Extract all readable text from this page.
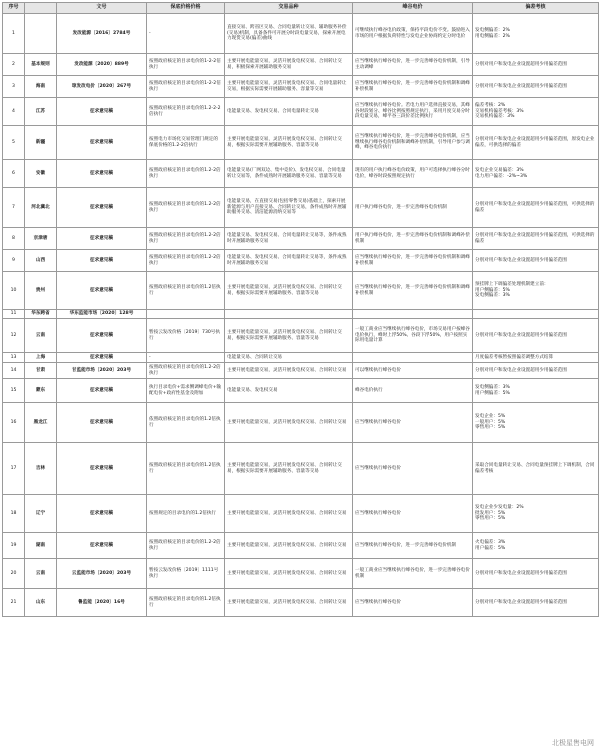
序号		文号	保底价格价格	交易品种	峰谷电价	偏差考核
1		发改能源〔2016〕2784号	-	直接交易、跨省区交易、合同电量转让交易、辅助服务补偿(交易)机制，具备条件可开展分时段电量交易，探索开展电力现货交易(偏差)曲线	可继续执行峰谷电价政策，保持平段电价不变。鼓励进入市场的用户根据负荷特性与发电企业协商约定分时电价	发电侧偏差：2%
用电侧偏差：2%
2	基本规则	发改能源〔2020〕889号	按照政府核定的目录电价的1-2-2倍执行	主要开展电能量交易，灵活开展发电权交易、合同转让交易，积极探索开展辅助服务交易	应当继续执行峰谷电价，进一步完善峰谷电价机制，引导主动调峰	分别对用户和发电企业设置超用少用偏差范围
3	海南	琼发改电价〔2020〕267号	按照政府核定的目录电价的1-2-2倍执行	主要开展电能量交易，灵活开展发电权交易、合同电量转让交易，根据实际需要开展辅助服务、容量等交易	应当继续执行峰谷电价，进一步完善峰谷电价机制和调峰补偿机制	分别对用户和发电企业设置超用少用偏差范围
4	江苏	征求意见稿	按照政府核定的目录电价的1.2-2-2倍执行	电能量交易、发电权交易、合同电量转让交易	应当继续执行峰谷电价。若电力用户选择直接交易，其峰谷时段划分、峰谷比例按照规定执行，采用月度交易分时段电量交易，峰平谷三段价差比例执行	偏差考核：2%
交易机构偏差考核：3%
交易机构偏差：3%
5	新疆	征求意见稿	按照电力市场化交易管理门规定的保底价格的1.2-2倍执行	主要开展电能量交易，灵活开展发电权交易、合同转让交易，根据实际需要开展辅助服务、容量等交易	应当继续执行峰谷电价，进一步完善峰谷电价机制，应当继续执行峰谷电价机制和调峰补偿机制，引导用户参与调峰，峰谷电价执行	分别对用户和发电企业设置超用少用偏差范围，原发电企业偏差，可供选择的偏差
6	安徽	征求意见稿	按照政府核定的目录电价的1.2-2倍执行	电能量交易(厂网双边、集中竞价)、发电权交易、合同电量转让交易等，条件成熟时开展辅助服务交易、容量等交易	现有的用户执行峰谷电价政策，用户可选择执行峰谷分时电价，峰谷时段按照规定执行	发电企业交易偏差：3%
电力用户偏差：-2%~3%
7	河北冀北	征求意见稿	按照政府核定的目录电价的1.2-2倍执行	电能量交易，在直接交易(包括零售交易)基础上，探索开展新能源与用户直接交易、合同转让交易，条件成熟时开展辅助服务交易、清洁能源消纳交易等	用户执行峰谷电价，进一步完善峰谷电价机制	分别对用户和发电企业设置超用少用偏差范围，可供选择的偏差
8	京津唐	征求意见稿	按照政府核定的目录电价的1.2-2倍执行	电能量交易、发电权交易、合同电量转让交易等，条件成熟时开展辅助服务交易	用户执行峰谷电价，进一步完善峰谷电价机制和调峰补偿机制	分别对用户和发电企业设置超用少用偏差范围，可供选择的偏差
9	山西	征求意见稿	按照政府核定的目录电价的1.2-2倍执行	电能量交易、发电权交易、合同电量转让交易等，条件成熟时开展辅助服务交易	应当继续执行峰谷电价，进一步完善峰谷电价机制和调峰补偿机制	分别对用户和发电企业设置超用少用偏差范围
10	贵州	征求意见稿	按照政府核定的目录电价的1.2倍执行	主要开展电能量交易，灵活开展发电权交易、合同转让交易，根据实际需要开展辅助服务、容量等交易	应当继续执行峰谷电价，进一步完善峰谷电价机制和调峰补偿机制	预挂牌上下调偏差处理机制建立前：
用户侧偏差：5%
发电侧偏差：3%
11	华东跨省	华东监能市场〔2020〕128号				
12	云南	征求意见稿	暂按云发改价格〔2019〕730号执行	主要开展电能量交易，灵活开展发电权交易、合同转让交易，根据实际需要开展辅助服务、容量等交易	一般工商业应当继续执行峰谷电价，市场交易用户按峰谷电价执行，峰时上浮50%、谷段下浮50%，用户按照实际用电量计算	分别对用户和发电企业设置超用少用偏差范围
13	上海	征求意见稿	-	电能量交易、合同转让交易		月度偏差考核暂按照偏差调整方式结算
14	甘肃	甘监能市场〔2020〕203号	按照政府核定的目录电价的1.2-2倍执行	主要开展电能量交易，灵活开展发电权交易、合同转让交易	可以继续执行峰谷电价	分别对用户和发电企业设置超用少用偏差范围
15	蒙东	征求意见稿	执行目录电价+需求侧调峰电价+输配电价+政府性基金及附加	电能量交易、发电权交易	峰谷电价执行	发电侧偏差：3%
用户侧偏差：5%
16	黑龙江	征求意见稿	依照政府核定的目录电价的1.2倍执行	主要开展电能量交易，灵活开展发电权交易、合同转让交易	应当继续执行峰谷电价	发电企业：5%
一般用户：5%
零售用户：5%
17	吉林	征求意见稿	按照政府核定的目录电价的1.2倍执行	主要开展电能量交易，灵活开展发电权交易、合同转让交易，根据实际需要开展辅助服务、容量等交易	应当继续执行峰谷电价	采取合同电量转让交易、合同电量预挂牌上下调机制，合同偏差考核
18	辽宁	征求意见稿	按照规定的目录电价的1.2倍执行	主要开展电能量交易，灵活开展发电权交易、合同转让交易	应当继续执行峰谷电价	发电企业少发电量：2%
批发用户：5%
零售用户：5%
19	湖南	征求意见稿	按照政府核定的目录电价的1.2-2倍执行	主要开展电能量交易，灵活开展发电权交易、合同转让交易	应当继续执行峰谷电价，进一步完善峰谷电价机制	火电偏差：3%
用户偏差：5%
20	云南	云监能市场〔2020〕203号	暂按云发改价格〔2019〕1111号执行	主要开展电能量交易，灵活开展发电权交易、合同转让交易	一般工商业应当继续执行峰谷电价，进一步完善峰谷电价机制	分别对用户和发电企业设置超用少用偏差范围
21	山东	鲁监能〔2020〕16号	按照政府核定的目录电价的1.2倍执行	主要开展电能量交易，灵活开展发电权交易、合同转让交易	应当继续执行峰谷电价	分别对用户和发电企业设置超用少用偏差范围
北极星售电网
